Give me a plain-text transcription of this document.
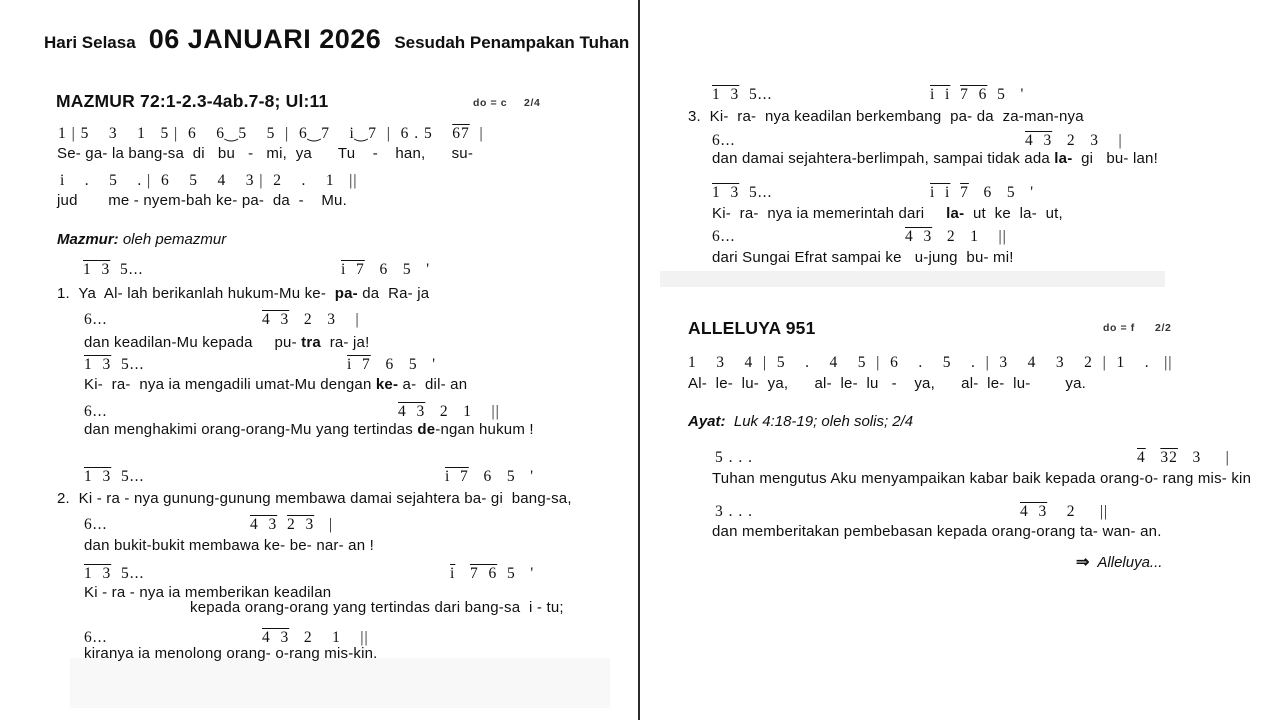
Hari Selasa 06 JANUARI 2026 Sesudah Penampakan Tuhan
MAZMUR 72:1-2.3-4ab.7-8; Ul:11	do = c 2/4
1 | 5    3    1   5 |  6    6‿5    5  |  6‿7    i‿7  |  6 . 5    67  |
Se- ga- la bang-sa  di   bu   -   mi,  ya      Tu    -    han,      su-
i    .    5    . |  6    5    4    3 |  2    .    1   ||
jud       me - nyem-bah ke- pa-  da  -    Mu.
Mazmur: oleh pemazmur
1  3  5...	i  7   6   5   '
1.  Ya  Al- lah berikanlah hukum-Mu ke-  pa- da  Ra- ja
6...	4  3   2   3    |
dan keadilan-Mu kepada     pu- tra  ra- ja!
1  3  5...	i  7   6   5   '
Ki-  ra-  nya ia mengadili umat-Mu dengan ke- a-  dil- an
6...	4  3   2   1    ||
dan menghakimi orang-orang-Mu yang tertindas de-ngan hukum !
1  3  5...	i  7   6   5   '
2.  Ki - ra - nya gunung-gunung membawa damai sejahtera ba- gi  bang-sa,
6...	4  3 2  3   |
dan bukit-bukit membawa ke- be- nar- an !
1  3  5...	$\overline{i}$ 7  6  5   '
Ki - ra - nya ia memberikan keadilan
kepada orang-orang yang tertindas dari bang-sa  i - tu;
6...	4  3   2    1    ||
kiranya ia menolong orang- o-rang mis-kin.
1  3  5...	i  i 7  6  5   '
3.  Ki-  ra-  nya keadilan berkembang  pa- da  za-man-nya
6...	4  3   2   3    |
dan damai sejahtera-berlimpah, sampai tidak ada la-  gi   bu- lan!
1  3  5...	i  i 7   6   5   '
Ki-  ra-  nya ia memerintah dari     la-  ut  ke  la-  ut,
6...	4  3   2   1    ||
dari Sungai Efrat sampai ke   u-jung  bu- mi!
ALLELUYA 951	do = f 2/2
1    3    4  |  5    .    4    5  |  6    .    5    .  |  3    4    3    2  |  1    .   ||
Al-  le-  lu-  ya,      al-  le-  lu   -    ya,      al-  le-  lu-        ya.
Ayat: Luk 4:18-19; oleh solis; 2/4
5 . . .	4 32   3     |
Tuhan mengutus Aku menyampaikan kabar baik kepada orang-o- rang mis- kin
3 . . .	4  3    2     ||
dan memberitakan pembebasan kepada orang-orang ta- wan- an.
⇒ Alleluya...
